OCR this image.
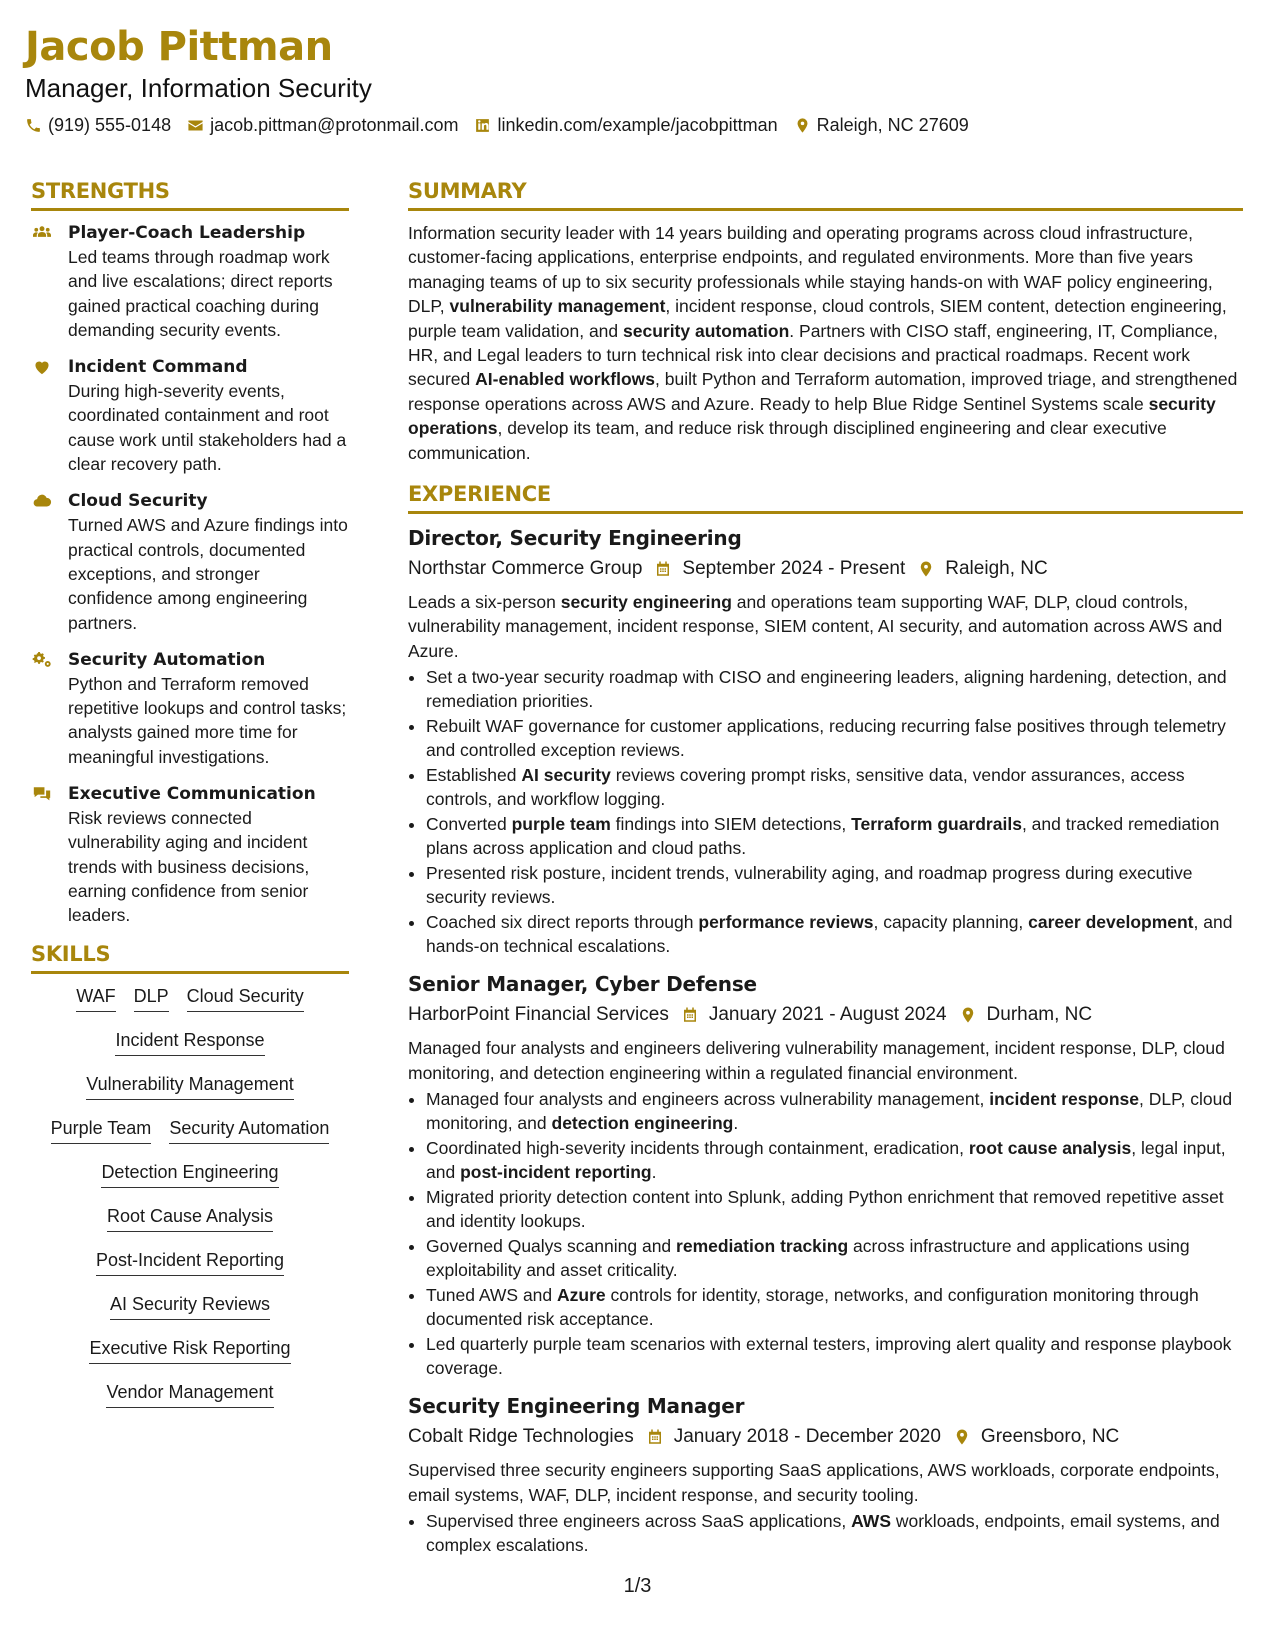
Jacob Pittman
Manager, Information Security
(919) 555-0148 jacob.pittman@protonmail.com linkedin.com/example/jacobpittman Raleigh, NC 27609
STRENGTHS
Player-Coach Leadership
Led teams through roadmap work and live escalations; direct reports gained practical coaching during demanding security events.
Incident Command
During high-severity events, coordinated containment and root cause work until stakeholders had a clear recovery path.
Cloud Security
Turned AWS and Azure findings into practical controls, documented exceptions, and stronger confidence among engineering partners.
Security Automation
Python and Terraform removed repetitive lookups and control tasks; analysts gained more time for meaningful investigations.
Executive Communication
Risk reviews connected vulnerability aging and incident trends with business decisions, earning confidence from senior leaders.
SKILLS
WAF DLP Cloud Security
Incident Response
Vulnerability Management
Purple Team Security Automation
Detection Engineering
Root Cause Analysis
Post-Incident Reporting
AI Security Reviews
Executive Risk Reporting
Vendor Management
SUMMARY

Information security leader with 14 years building and operating programs across cloud infrastructure, customer-facing applications, enterprise endpoints, and regulated environments. More than five years managing teams of up to six security professionals while staying hands-on with WAF policy engineering, DLP, vulnerability management, incident response, cloud controls, SIEM content, detection engineering, purple team validation, and security automation. Partners with CISO staff, engineering, IT, Compliance, HR, and Legal leaders to turn technical risk into clear decisions and practical roadmaps. Recent work secured AI-enabled workflows, built Python and Terraform automation, improved triage, and strengthened response operations across AWS and Azure. Ready to help Blue Ridge Sentinel Systems scale security operations, develop its team, and reduce risk through disciplined engineering and clear executive communication.

EXPERIENCE
Director, Security Engineering
Northstar Commerce Group September 2024 - Present Raleigh, NC

Leads a six-person security engineering and operations team supporting WAF, DLP, cloud controls, vulnerability management, incident response, SIEM content, AI security, and automation across AWS and Azure.

• Set a two-year security roadmap with CISO and engineering leaders, aligning hardening, detection, and remediation priorities.
• Rebuilt WAF governance for customer applications, reducing recurring false positives through telemetry and controlled exception reviews.
• Established AI security reviews covering prompt risks, sensitive data, vendor assurances, access controls, and workflow logging.
• Converted purple team findings into SIEM detections, Terraform guardrails, and tracked remediation plans across application and cloud paths.
• Presented risk posture, incident trends, vulnerability aging, and roadmap progress during executive security reviews.
• Coached six direct reports through performance reviews, capacity planning, career development, and hands-on technical escalations.
Senior Manager, Cyber Defense
HarborPoint Financial Services January 2021 - August 2024 Durham, NC

Managed four analysts and engineers delivering vulnerability management, incident response, DLP, cloud monitoring, and detection engineering within a regulated financial environment.

• Managed four analysts and engineers across vulnerability management, incident response, DLP, cloud monitoring, and detection engineering.
• Coordinated high-severity incidents through containment, eradication, root cause analysis, legal input, and post-incident reporting.
• Migrated priority detection content into Splunk, adding Python enrichment that removed repetitive asset and identity lookups.
• Governed Qualys scanning and remediation tracking across infrastructure and applications using exploitability and asset criticality.
• Tuned AWS and Azure controls for identity, storage, networks, and configuration monitoring through documented risk acceptance.
• Led quarterly purple team scenarios with external testers, improving alert quality and response playbook coverage.
Security Engineering Manager
Cobalt Ridge Technologies January 2018 - December 2020 Greensboro, NC

Supervised three security engineers supporting SaaS applications, AWS workloads, corporate endpoints, email systems, WAF, DLP, incident response, and security tooling.

• Supervised three engineers across SaaS applications, AWS workloads, endpoints, email systems, and complex escalations.
1/3
